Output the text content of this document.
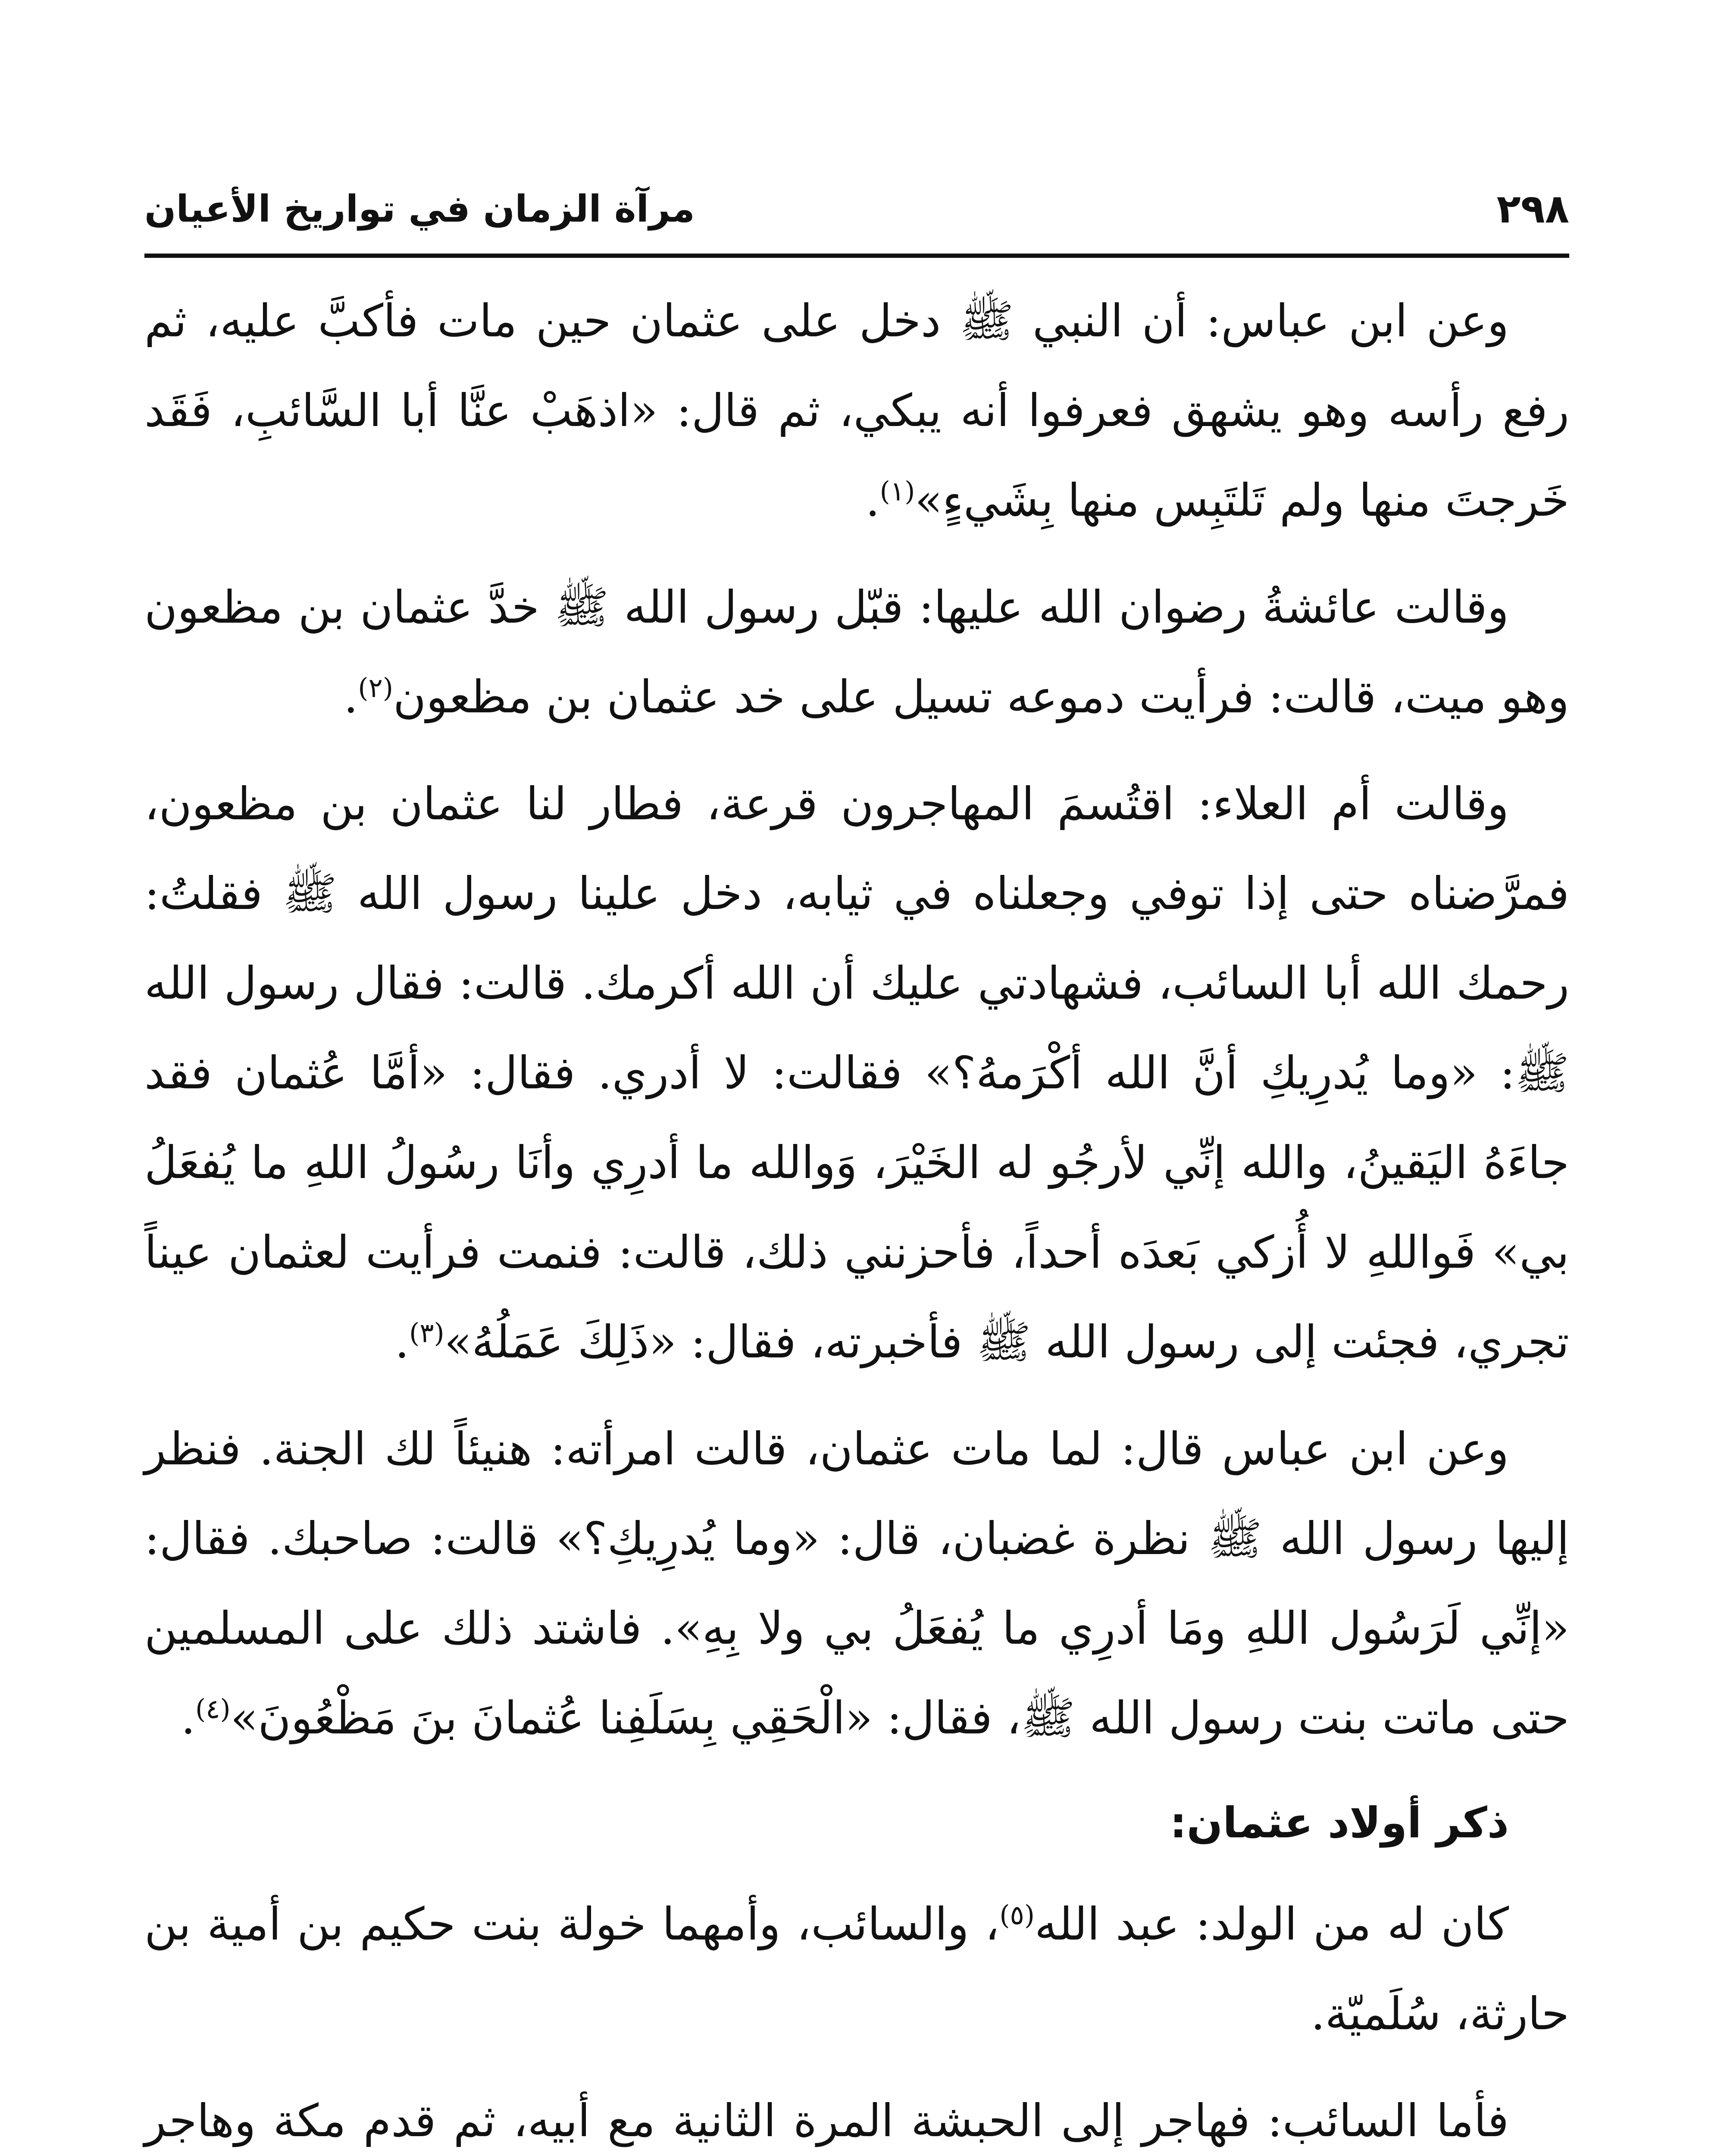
٢٩٨
مرآة الزمان في تواريخ الأعيان

وعن ابن عباس: أن النبي ﷺ دخل على عثمان حين مات فأكبَّ عليه، ثم رفع رأسه وهو يشهق فعرفوا أنه يبكي، ثم قال: «اذهَبْ عنَّا أبا السَّائبِ، فَقَد خَرجتَ منها ولم تَلتَبِس منها بِشَيءٍ»$^{(١)}$.

وقالت عائشةُ رضوان الله عليها: قبّل رسول الله ﷺ خدَّ عثمان بن مظعون وهو ميت، قالت: فرأيت دموعه تسيل على خد عثمان بن مظعون$^{(٢)}$.

وقالت أم العلاء: اقتُسمَ المهاجرون قرعة، فطار لنا عثمان بن مظعون، فمرَّضناه حتى إذا توفي وجعلناه في ثيابه، دخل علينا رسول الله ﷺ فقلتُ: رحمك الله أبا السائب، فشهادتي عليك أن الله أكرمك. قالت: فقال رسول الله ﷺ: «وما يُدرِيكِ أنَّ الله أكْرَمهُ؟» فقالت: لا أدري. فقال: «أمَّا عُثمان فقد جاءَهُ اليَقينُ، والله إنِّي لأرجُو له الخَيْرَ، وَوالله ما أدرِي وأنَا رسُولُ اللهِ ما يُفعَلُ بي» فَواللهِ لا أُزكي بَعدَه أحداً، فأحزنني ذلك، قالت: فنمت فرأيت لعثمان عيناً تجري، فجئت إلى رسول الله ﷺ فأخبرته، فقال: «ذَلِكَ عَمَلُهُ»$^{(٣)}$.

وعن ابن عباس قال: لما مات عثمان، قالت امرأته: هنيئاً لك الجنة. فنظر إليها رسول الله ﷺ نظرة غضبان، قال: «وما يُدرِيكِ؟» قالت: صاحبك. فقال: «إنِّي لَرَسُول اللهِ ومَا أدرِي ما يُفعَلُ بي ولا بِهِ». فاشتد ذلك على المسلمين حتى ماتت بنت رسول الله ﷺ، فقال: «الْحَقِي بِسَلَفِنا عُثمانَ بنَ مَظْعُونَ»$^{(٤)}$.

ذكر أولاد عثمان:

كان له من الولد: عبد الله$^{(٥)}$، والسائب، وأمهما خولة بنت حكيم بن أمية بن حارثة، سُلَميّة.

فأما السائب: فهاجر إلى الحبشة المرة الثانية مع أبيه، ثم قدم مكة وهاجر
